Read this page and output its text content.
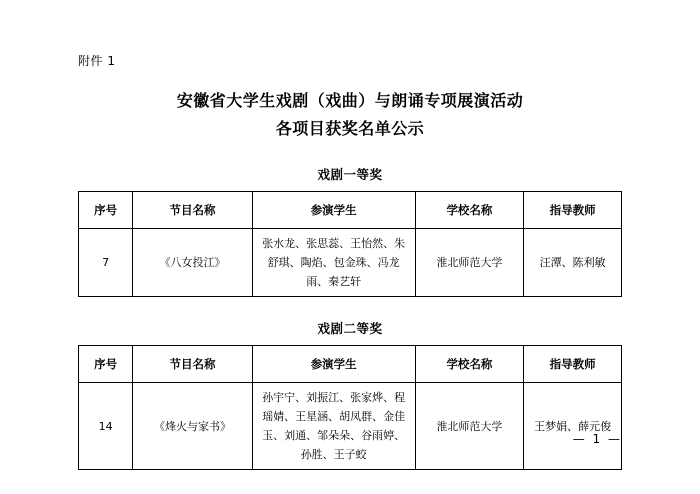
附件 1
安徽省大学生戏剧（戏曲）与朗诵专项展演活动
各项目获奖名单公示
戏剧一等奖
序号	节目名称	参演学生	学校名称	指导教师
7	《八女投江》	张水龙、张思蕊、王怡然、朱舒琪、陶焰、包金珠、冯龙雨、秦艺轩	淮北师范大学	汪潭、陈利敏
戏剧二等奖
序号	节目名称	参演学生	学校名称	指导教师
14	《烽火与家书》	孙宇宁、刘振江、张家烨、程瑶婧、王星涵、胡凤群、金佳玉、刘通、邹朵朵、谷雨婷、孙胜、王子蛟	淮北师范大学	王梦娟、薛元俊
— 1 —
